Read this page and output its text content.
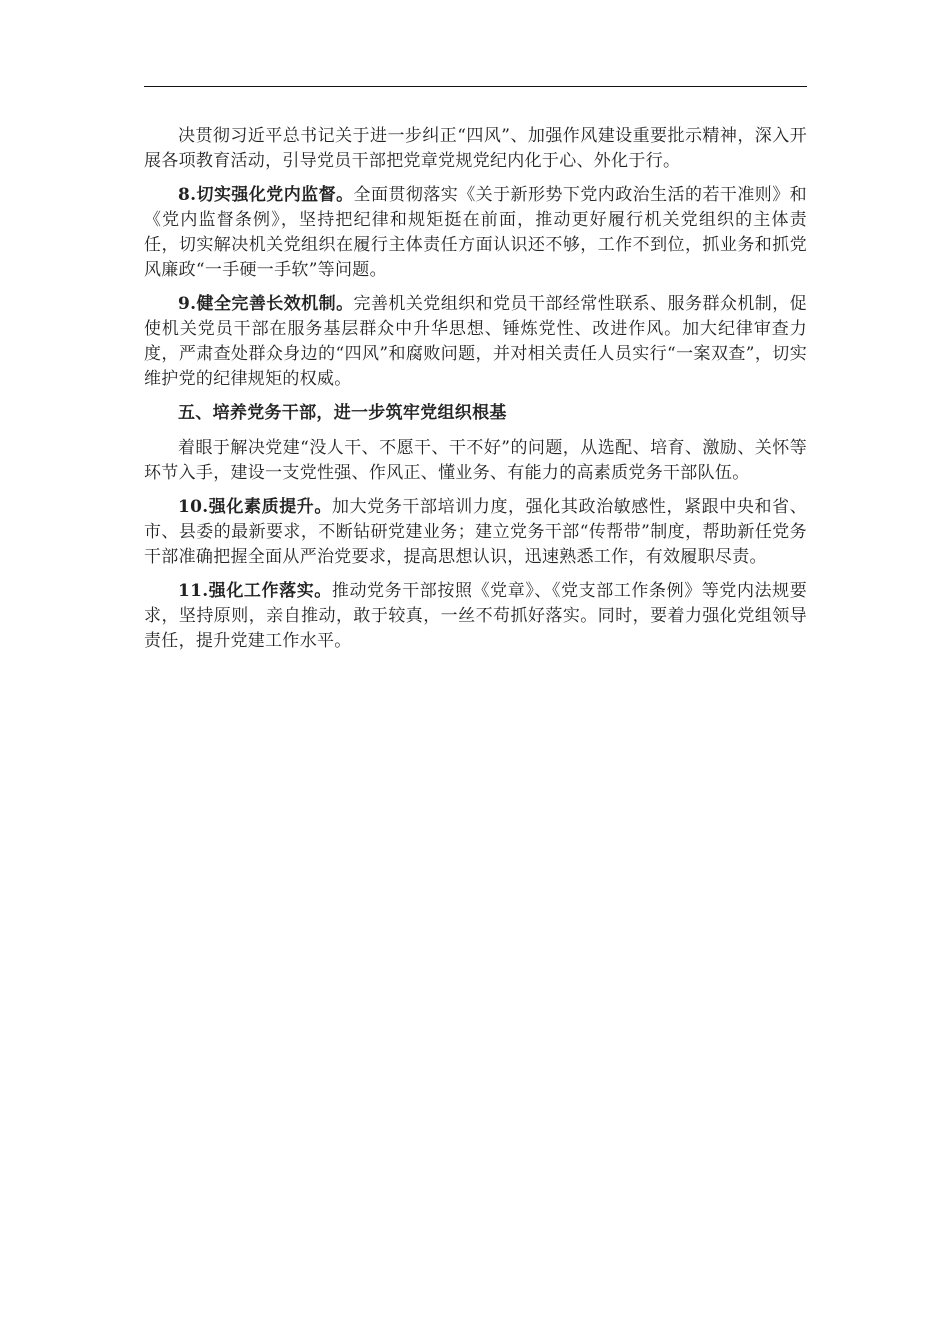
决贯彻习近平总书记关于进一步纠正“四风”、加强作风建设重要批示精神，深入开展各项教育活动，引导党员干部把党章党规党纪内化于心、外化于行。

8.切实强化党内监督。全面贯彻落实《关于新形势下党内政治生活的若干准则》和《党内监督条例》，坚持把纪律和规矩挺在前面，推动更好履行机关党组织的主体责任，切实解决机关党组织在履行主体责任方面认识还不够，工作不到位，抓业务和抓党风廉政“一手硬一手软”等问题。

9.健全完善长效机制。完善机关党组织和党员干部经常性联系、服务群众机制，促使机关党员干部在服务基层群众中升华思想、锤炼党性、改进作风。加大纪律审查力度，严肃查处群众身边的“四风”和腐败问题，并对相关责任人员实行“一案双查”，切实维护党的纪律规矩的权威。

五、培养党务干部，进一步筑牢党组织根基

着眼于解决党建“没人干、不愿干、干不好”的问题，从选配、培育、激励、关怀等环节入手，建设一支党性强、作风正、懂业务、有能力的高素质党务干部队伍。

10.强化素质提升。加大党务干部培训力度，强化其政治敏感性，紧跟中央和省、市、县委的最新要求，不断钻研党建业务；建立党务干部“传帮带”制度，帮助新任党务干部准确把握全面从严治党要求，提高思想认识，迅速熟悉工作，有效履职尽责。

11.强化工作落实。推动党务干部按照《党章》、《党支部工作条例》等党内法规要求，坚持原则，亲自推动，敢于较真，一丝不苟抓好落实。同时，要着力强化党组领导责任，提升党建工作水平。
